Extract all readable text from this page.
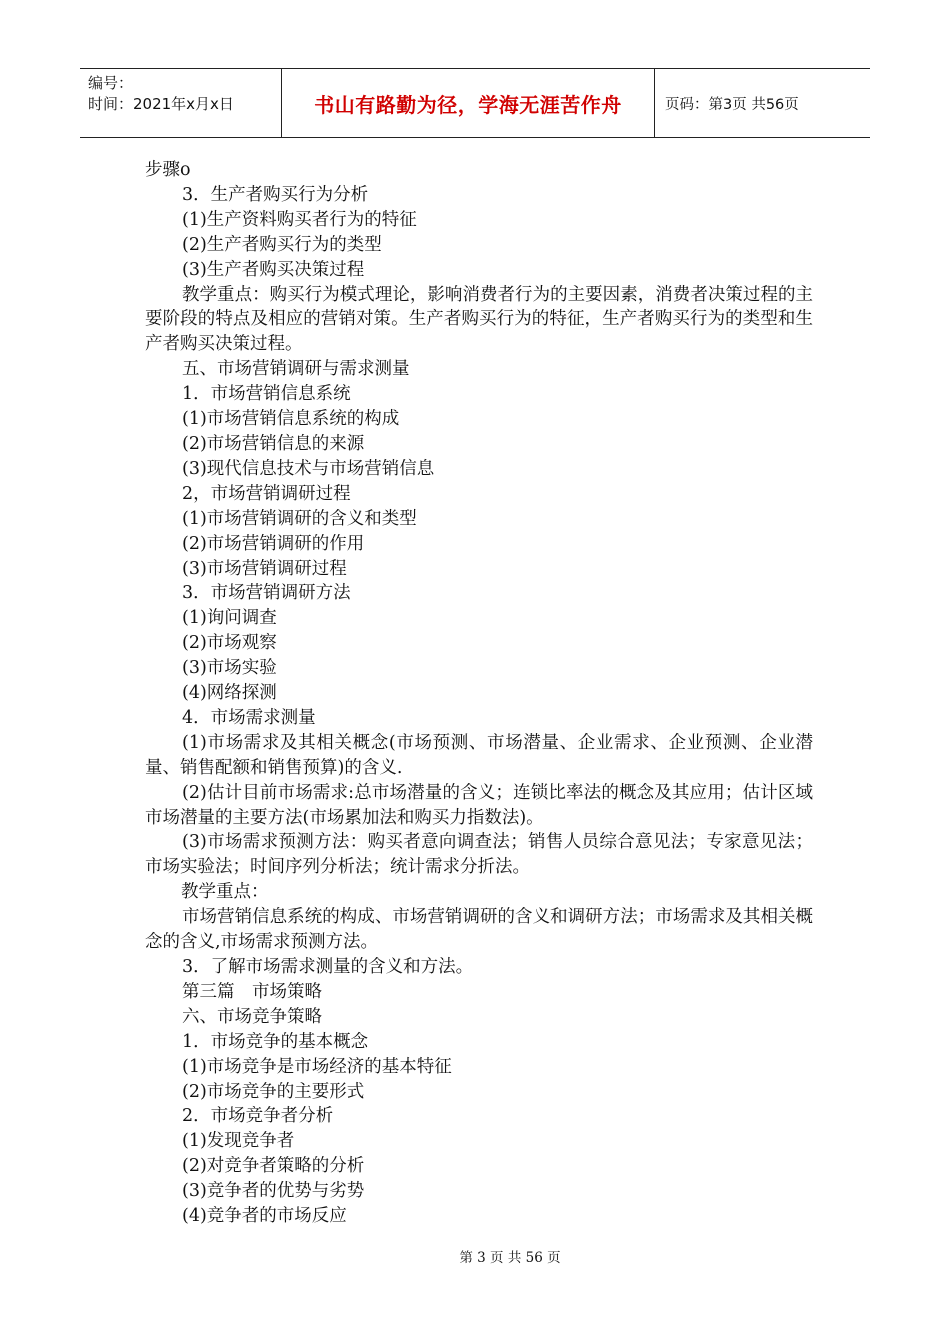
编号：
时间：2021年x月x日	书山有路勤为径，学海无涯苦作舟	页码：第3页 共56页
步骤o
3．生产者购买行为分析
(1)生产资料购买者行为的特征
(2)生产者购买行为的类型
(3)生产者购买决策过程
教学重点：购买行为模式理论，影响消费者行为的主要因素，消费者决策过程的主要阶段的特点及相应的营销对策。生产者购买行为的特征，生产者购买行为的类型和生产者购买决策过程。
五、市场营销调研与需求测量
1．市场营销信息系统
(1)市场营销信息系统的构成
(2)市场营销信息的来源
(3)现代信息技术与市场营销信息
2，市场营销调研过程
(1)市场营销调研的含义和类型
(2)市场营销调研的作用
(3)市场营销调研过程
3．市场营销调研方法
(1)询问调查
(2)市场观察
(3)市场实验
(4)网络探测
4．市场需求测量
(1)市场需求及其相关概念(市场预测、市场潜量、企业需求、企业预测、企业潜量、销售配额和销售预算)的含义.
(2)估计目前市场需求:总市场潜量的含义；连锁比率法的概念及其应用；估计区域市场潜量的主要方法(市场累加法和购买力指数法)。
(3)市场需求预测方法：购买者意向调查法；销售人员综合意见法；专家意见法；市场实验法；时间序列分析法；统计需求分折法。
教学重点：
市场营销信息系统的构成、市场营销调研的含义和调研方法；市场需求及其相关概念的含义,市场需求预测方法。
3．了解市场需求测量的含义和方法。
第三篇　市场策略
六、市场竞争策略
1．市场竞争的基本概念
(1)市场竞争是市场经济的基本特征
(2)市场竞争的主要形式
2．市场竞争者分析
(1)发现竞争者
(2)对竞争者策略的分析
(3)竞争者的优势与劣势
(4)竞争者的市场反应
第 3 页 共 56 页
